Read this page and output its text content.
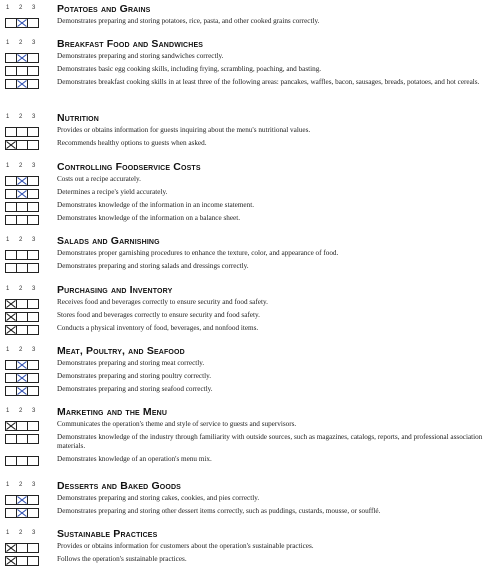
1 2 3 Potatoes and Grains
Demonstrates preparing and storing potatoes, rice, pasta, and other cooked grains correctly.
1 2 3 Breakfast Food and Sandwiches
Demonstrates preparing and storing sandwiches correctly.
Demonstrates basic egg cooking skills, including frying, scrambling, poaching, and basting.
Demonstrates breakfast cooking skills in at least three of the following areas: pancakes, waffles, bacon, sausages, breads, potatoes, and hot cereals.
1 2 3 Nutrition
Provides or obtains information for guests inquiring about the menu's nutritional values.
Recommends healthy options to guests when asked.
1 2 3 Controlling Foodservice Costs
Costs out a recipe accurately.
Determines a recipe's yield accurately.
Demonstrates knowledge of the information in an income statement.
Demonstrates knowledge of the information on a balance sheet.
1 2 3 Salads and Garnishing
Demonstrates proper garnishing procedures to enhance the texture, color, and appearance of food.
Demonstrates preparing and storing salads and dressings correctly.
1 2 3 Purchasing and Inventory
Receives food and beverages correctly to ensure security and food safety.
Stores food and beverages correctly to ensure security and food safety.
Conducts a physical inventory of food, beverages, and nonfood items.
1 2 3 Meat, Poultry, and Seafood
Demonstrates preparing and storing meat correctly.
Demonstrates preparing and storing poultry correctly.
Demonstrates preparing and storing seafood correctly.
1 2 3 Marketing and the Menu
Communicates the operation's theme and style of service to guests and supervisors.
Demonstrates knowledge of the industry through familiarity with outside sources, such as magazines, catalogs, reports, and professional association materials.
Demonstrates knowledge of an operation's menu mix.
1 2 3 Desserts and Baked Goods
Demonstrates preparing and storing cakes, cookies, and pies correctly.
Demonstrates preparing and storing other dessert items correctly, such as puddings, custards, mousse, or soufflé.
1 2 3 Sustainable Practices
Provides or obtains information for customers about the operation's sustainable practices.
Follows the operation's sustainable practices.
